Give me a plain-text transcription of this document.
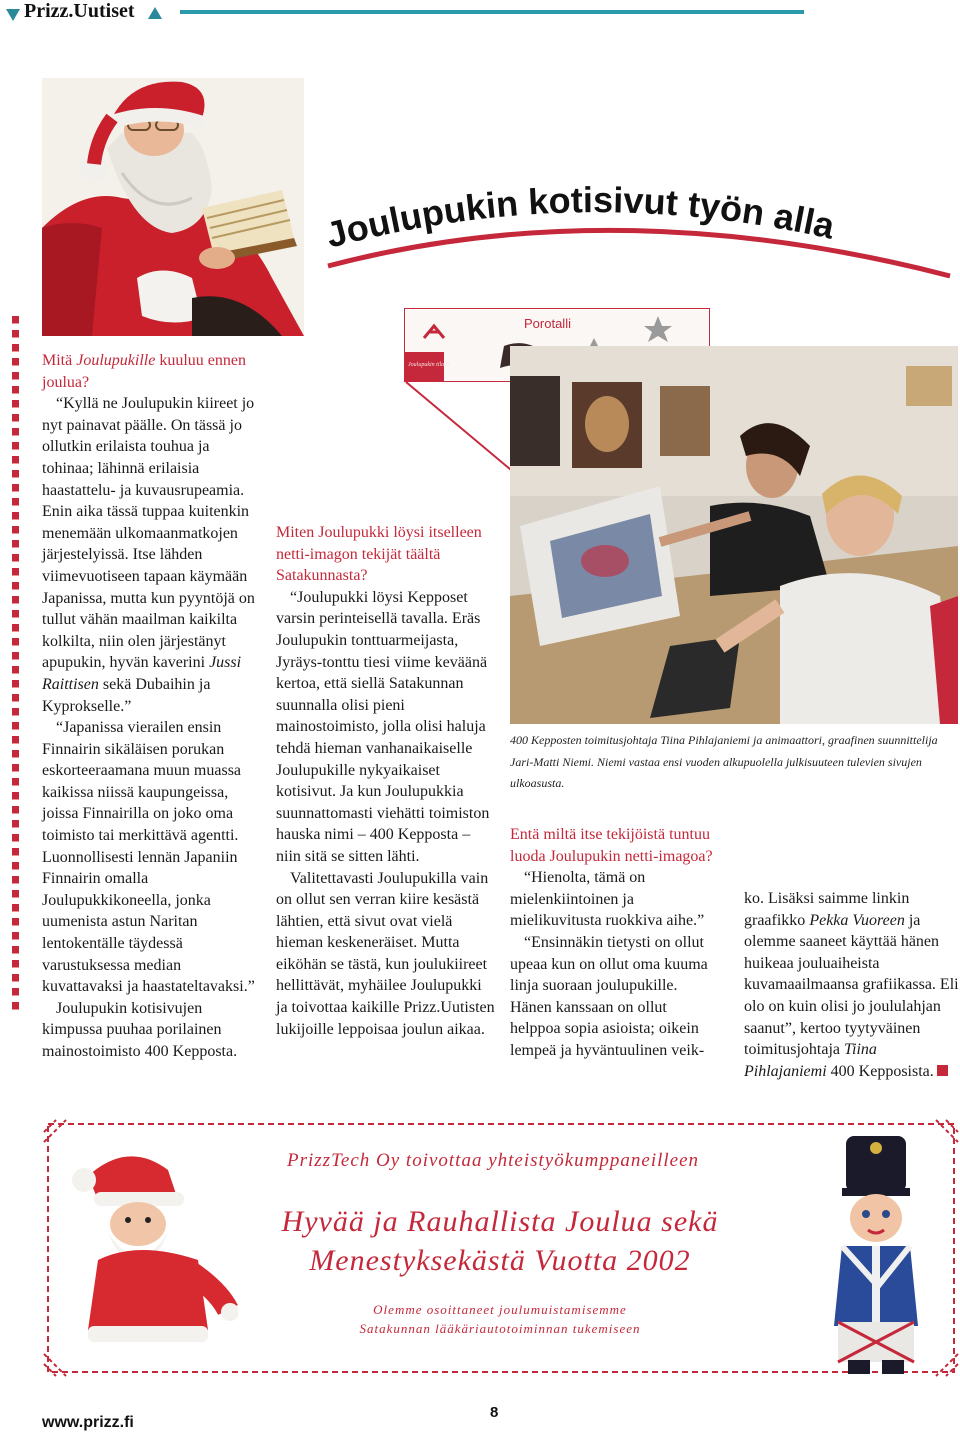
Prizz.Uutiset
Joulupukin kotisivut työn alla

Mitä Joulupukille kuuluu ennen joulua?

“Kyllä ne Joulupukin kiireet jo nyt painavat päälle. On tässä jo ollutkin erilaista touhua ja tohinaa; lähinnä erilaisia haastattelu- ja kuvausrupeamia. Enin aika tässä tuppaa kuitenkin menemään ulkomaanmatkojen järjestelyissä. Itse lähden viimevuotiseen tapaan käymään Japanissa, mutta kun pyyntöjä on tullut vähän maailman kaikilta kolkilta, niin olen järjestänyt apupukin, hyvän kaverini Jussi Raittisen sekä Dubaihin ja Kyprokselle.”

“Japanissa vierailen ensin Finnairin sikäläisen porukan eskorteeraamana muun muassa kaikissa niissä kaupungeissa, joissa Finnairilla on joko oma toimisto tai merkittävä agentti. Luonnollisesti lennän Japaniin Finnairin omalla Joulupukkikoneella, jonka uumenista astun Naritan lentokentälle täydessä varustuksessa median kuvattavaksi ja haastateltavaksi.”

Joulupukin kotisivujen kimpussa puuhaa porilainen mainostoimisto 400 Kepposta.

Miten Joulupukki löysi itselleen netti-imagon tekijät täältä Satakunnasta?

“Joulupukki löysi Kepposet varsin perinteisellä tavalla. Eräs Joulupukin tonttuarmeijasta, Jyräys-tonttu tiesi viime keväänä kertoa, että siellä Satakunnan suunnalla olisi pieni mainostoimisto, jolla olisi haluja tehdä hieman vanhanaikaiselle Joulupukille nykyaikaiset kotisivut. Ja kun Joulupukkia suunnattomasti viehätti toimiston hauska nimi – 400 Kepposta – niin sitä se sitten lähti.

Valitettavasti Joulupukilla vain on ollut sen verran kiire kesästä lähtien, että sivut ovat vielä hieman keskeneräiset. Mutta eiköhän se tästä, kun joulukiireet hellittävät, myhäilee Joulupukki ja toivottaa kaikille Prizz.Uutisten lukijoille leppoisaa joulun aikaa.

Porotalli
Joulupukin tilaus
400 Kepposten toimitusjohtaja Tiina Pihlajaniemi ja animaattori, graafinen suunnittelija Jari-Matti Niemi. Niemi vastaa ensi vuoden alkupuolella julkisuuteen tulevien sivujen ulkoasusta.

Entä miltä itse tekijöistä tuntuu luoda Joulupukin netti-imagoa?

“Hienolta, tämä on mielenkiintoinen ja mielikuvitusta ruokkiva aihe.”

“Ensinnäkin tietysti on ollut upeaa kun on ollut oma kuuma linja suoraan joulupukille. Hänen kanssaan on ollut helppoa sopia asioista; oikein lempeä ja hyväntuulinen veik-

ko. Lisäksi saimme linkin graafikko Pekka Vuoreen ja olemme saaneet käyttää hänen huikeaa jouluaiheista kuvamaailmaansa grafiikassa. Eli olo on kuin olisi jo joululahjan saanut”, kertoo tyytyväinen toimitusjohtaja Tiina Pihlajaniemi 400 Kepposista.

PrizzTech Oy toivottaa yhteistyökumppaneilleen
Hyvää ja Rauhallista Joulua sekä
Menestyksekästä Vuotta 2002
Olemme osoittaneet joulumuistamisemme
Satakunnan lääkäriautotoiminnan tukemiseen
www.prizz.fi
8
